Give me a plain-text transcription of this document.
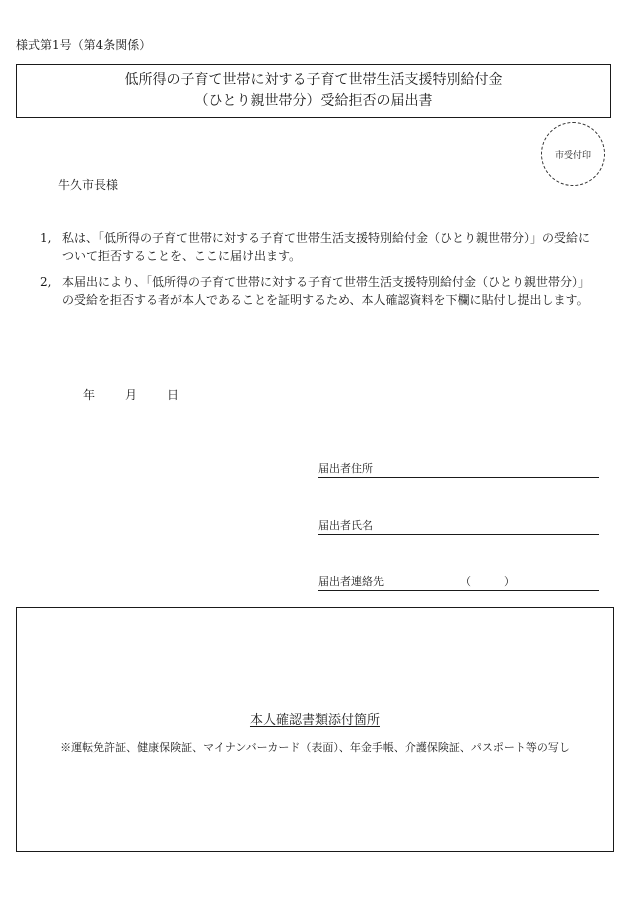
様式第1号（第4条関係）
低所得の子育て世帯に対する子育て世帯生活支援特別給付金
（ひとり親世帯分）受給拒否の届出書
市受付印
牛久市長様
1, 私は、「低所得の子育て世帯に対する子育て世帯生活支援特別給付金（ひとり親世帯分）」の受給について拒否することを、ここに届け出ます。
2, 本届出により、「低所得の子育て世帯に対する子育て世帯生活支援特別給付金（ひとり親世帯分）」の受給を拒否する者が本人であることを証明するため、本人確認資料を下欄に貼付し提出します。
年 月 日
届出者住所
届出者氏名
届出者連絡先	（　　　）
本人確認書類添付箇所
※運転免許証、健康保険証、マイナンバーカード（表面）、年金手帳、介護保険証、パスポート等の写し
